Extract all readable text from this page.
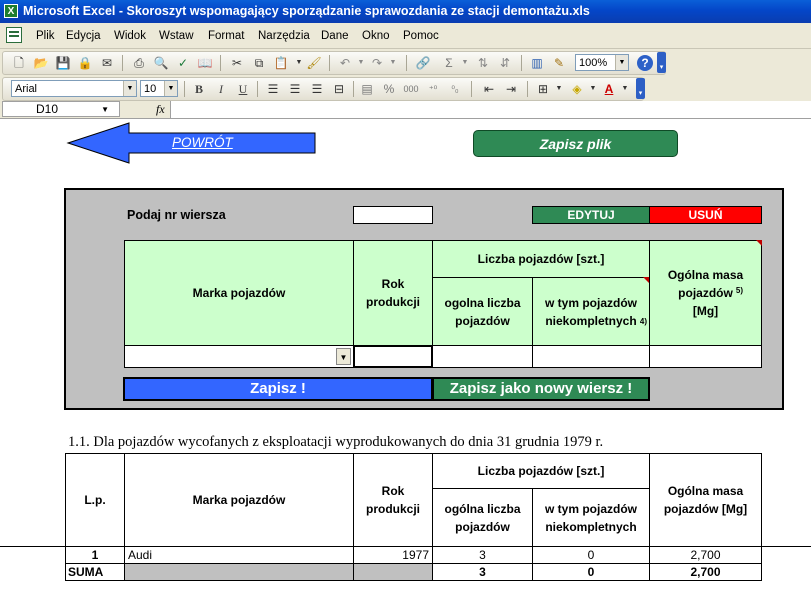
X Microsoft Excel - Skoroszyt wspomagający sporządzanie sprawozdania ze stacji demontażu.xls
Plik Edycja Widok Wstaw Format Narzędzia Dane Okno Pomoc
🗋 📂 💾 🔒 ✉ ⎙ 🔍 ✓ 📖 ✂	⧉ 📋	▼ 🖌 ↶	▼ ↷	▼	🔗	Σ	▼ ⇅ ⇵ ▥ ✎	100%	▼	?	▾
Arial	▼ 10	▼	B	I	U	☰ ☰ ☰ ⊟ ▤ % 000	⁺⁰	⁰₀	⇤ ⇥ ⊞	▼ ◈	▼ A	▼
▾
D10	▼	fx
POWRÓT	Zapisz plik
Podaj nr wiersza	EDYTUJ	USUŃ
Marka pojazdów
Rok produkcji
Liczba pojazdów [szt.]
ogolna liczba pojazdów
w tym pojazdów niekompletnych 4)
Ogólna masa pojazdów 5)
[Mg]
▼
Zapisz !	Zapisz jako nowy wiersz !
1.1. Dla pojazdów wycofanych z eksploatacji wyprodukowanych do dnia 31 grudnia 1979 r.
L.p.	Marka pojazdów
Rok produkcji
Liczba pojazdów [szt.]
ogólna liczba pojazdów
w tym pojazdów niekompletnych
Ogólna masa pojazdów [Mg]
1	Audi	1977	3	0	2,700
SUMA	3	0	2,700
